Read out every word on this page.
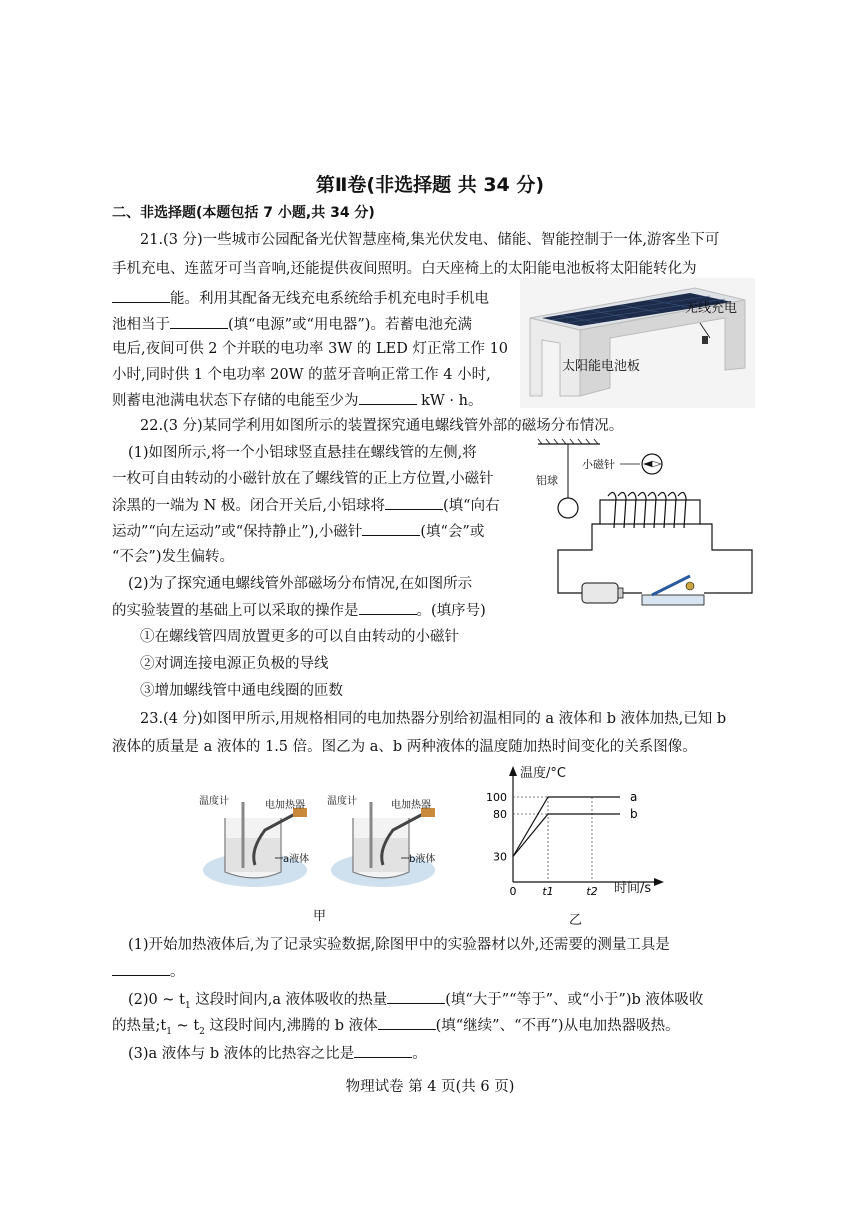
第Ⅱ卷(非选择题 共 34 分)
二、非选择题(本题包括 7 小题,共 34 分)
21.(3 分)一些城市公园配备光伏智慧座椅,集光伏发电、储能、智能控制于一体,游客坐下可
手机充电、连蓝牙可当音响,还能提供夜间照明。白天座椅上的太阳能电池板将太阳能转化为
能。利用其配备无线充电系统给手机充电时手机电
池相当于	(填“电源”或“用电器”)。若蓄电池充满
电后,夜间可供 2 个并联的电功率 3W 的 LED 灯正常工作 10
小时,同时供 1 个电功率 20W 的蓝牙音响正常工作 4 小时,
则蓄电池满电状态下存储的电能至少为	kW · h。
无线充电
太阳能电池板
22.(3 分)某同学利用如图所示的装置探究通电螺线管外部的磁场分布情况。
(1)如图所示,将一个小铝球竖直悬挂在螺线管的左侧,将
一枚可自由转动的小磁针放在了螺线管的正上方位置,小磁针
涂黑的一端为 N 极。闭合开关后,小铝球将	(填“向右
运动”“向左运动”或“保持静止”),小磁针	(填“会”或
“不会”)发生偏转。
(2)为了探究通电螺线管外部磁场分布情况,在如图所示
的实验装置的基础上可以采取的操作是	。(填序号)
①在螺线管四周放置更多的可以自由转动的小磁针
②对调连接电源正负极的导线
③增加螺线管中通电线圈的匝数
铝球
小磁针
23.(4 分)如图甲所示,用规格相同的电加热器分别给初温相同的 a 液体和 b 液体加热,已知 b
液体的质量是 a 液体的 1.5 倍。图乙为 a、b 两种液体的温度随加热时间变化的关系图像。
温度计	电加热器 温度计	电加热器
a液体	b液体
甲
30
80
100
0 t1	t2
a
b
温度/°C
时间/s
乙
(1)开始加热液体后,为了记录实验数据,除图甲中的实验器材以外,还需要的测量工具是
。
(2)0 ~ $t_1$ 这段时间内,a 液体吸收的热量	(填“大于”“等于”、或“小于”)b 液体吸收
的热量$;t_1$ ~ $t_2$ 这段时间内,沸腾的 b 液体	(填“继续”、“不再”)从电加热器吸热。
(3)a 液体与 b 液体的比热容之比是	。
物理试卷 第 4 页(共 6 页)
